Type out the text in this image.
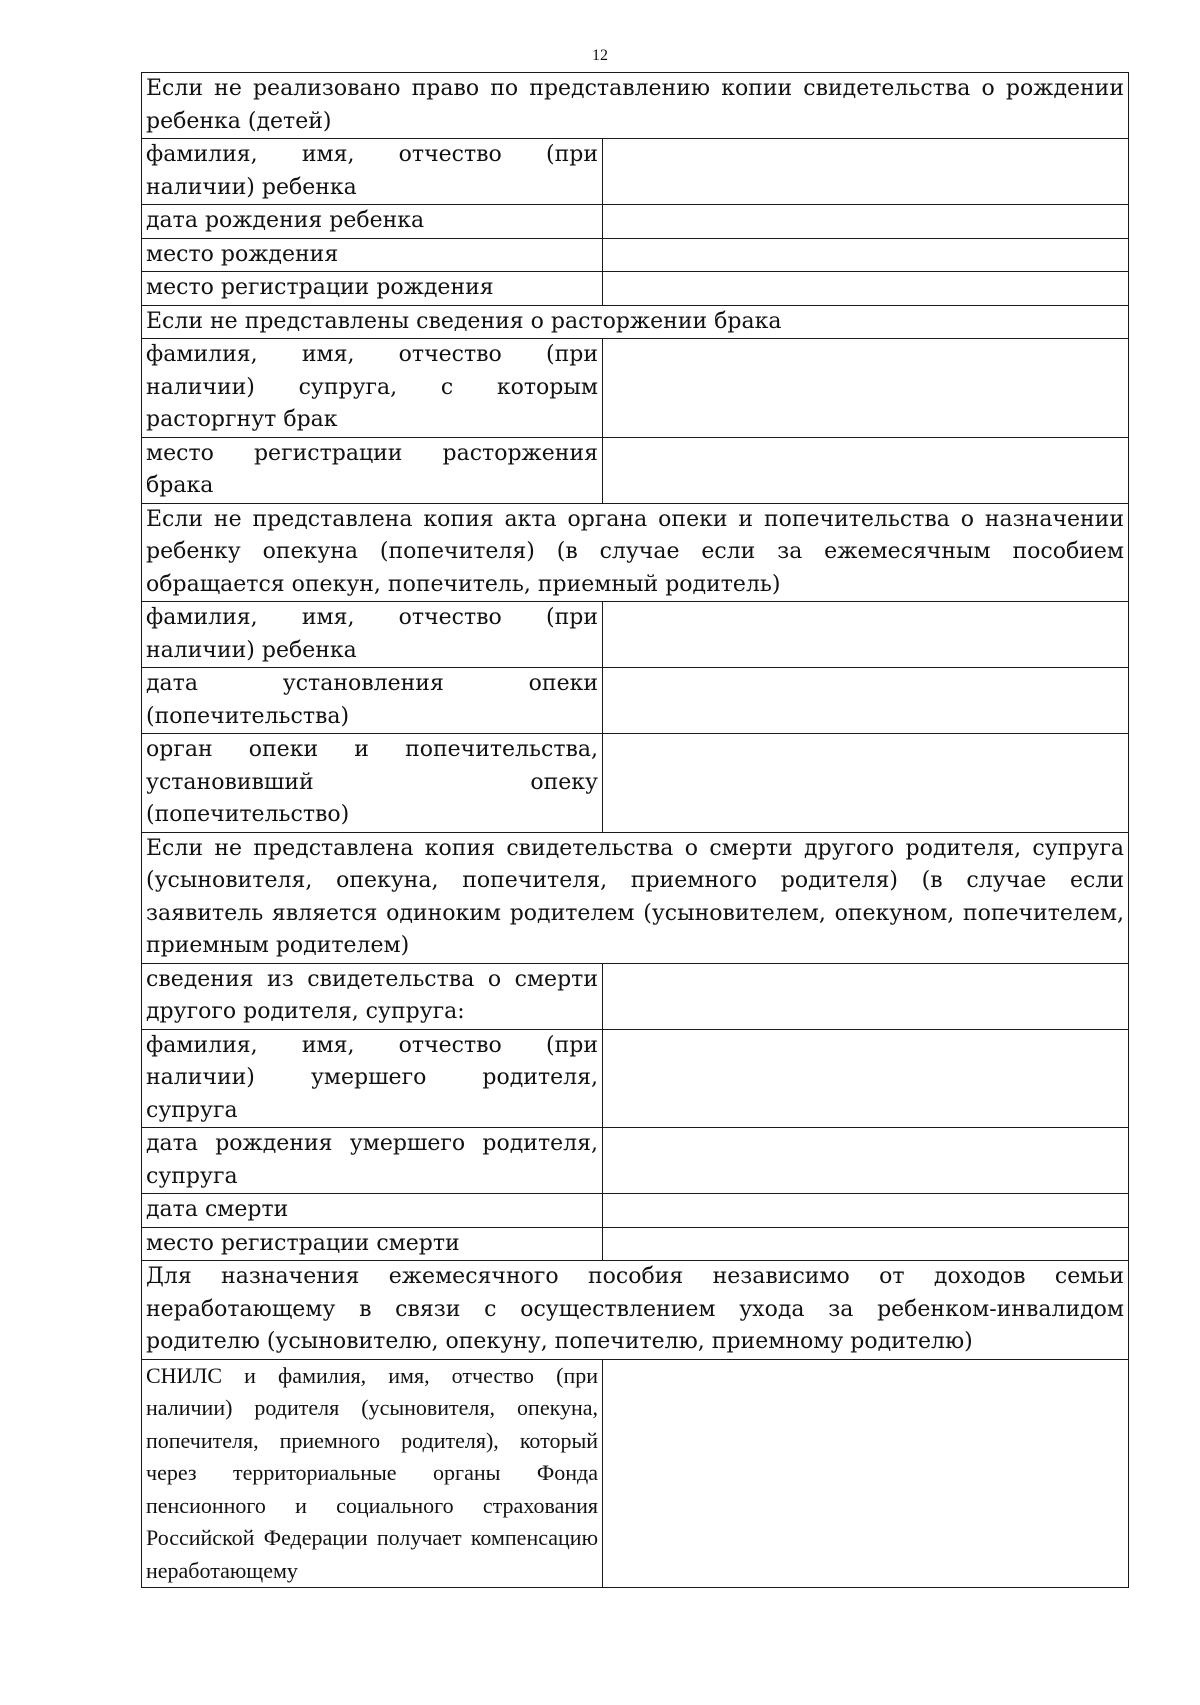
12
Если не реализовано право по представлению копии свидетельства о рождении ребенка (детей)	
фамилия, имя, отчество (при наличии) ребенка	
дата рождения ребенка	
место рождения	
место регистрации рождения	
Если не представлены сведения о расторжении брака	
фамилия, имя, отчество (при наличии) супруга, с которым расторгнут брак	
место регистрации расторжения брака	
Если не представлена копия акта органа опеки и попечительства о назначении ребенку опекуна (попечителя) (в случае если за ежемесячным пособием обращается опекун, попечитель, приемный родитель)	
фамилия, имя, отчество (при наличии) ребенка	
дата установления опеки (попечительства)	
орган опеки и попечительства, установивший опеку (попечительство)	
Если не представлена копия свидетельства о смерти другого родителя, супруга (усыновителя, опекуна, попечителя, приемного родителя) (в случае если заявитель является одиноким родителем (усыновителем, опекуном, попечителем, приемным родителем)	
сведения из свидетельства о смерти другого родителя, супруга:	
фамилия, имя, отчество (при наличии) умершего родителя, супруга	
дата рождения умершего родителя, супруга	
дата смерти	
место регистрации смерти	
Для назначения ежемесячного пособия независимо от доходов семьи неработающему в связи с осуществлением ухода за ребенком-инвалидом родителю (усыновителю, опекуну, попечителю, приемному родителю)	
СНИЛС и фамилия, имя, отчество (при наличии) родителя (усыновителя, опекуна, попечителя, приемного родителя), который через территориальные органы Фонда пенсионного и социального страхования Российской Федерации получает компенсацию неработающему	
